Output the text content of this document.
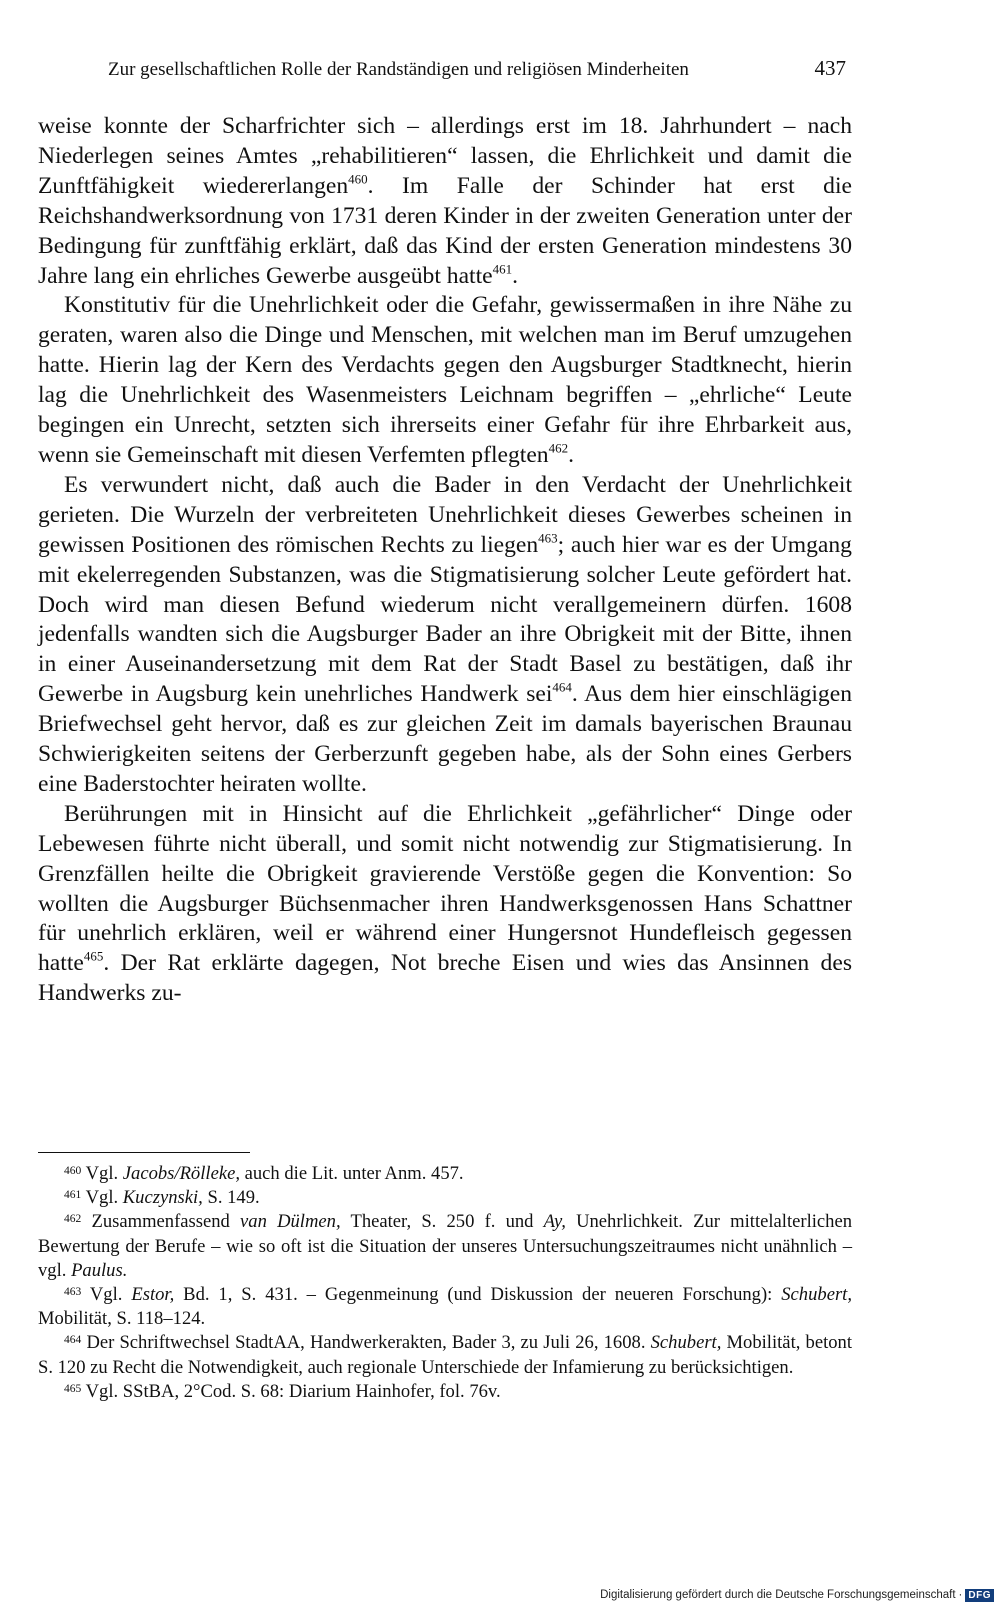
Zur gesellschaftlichen Rolle der Randständigen und religiösen Minderheiten	437

weise konnte der Scharfrichter sich – allerdings erst im 18. Jahrhundert – nach Niederlegen seines Amtes „rehabilitieren“ lassen, die Ehrlichkeit und damit die Zunftfähigkeit wiedererlangen$^{460}$. Im Falle der Schinder hat erst die Reichshandwerksordnung von 1731 deren Kinder in der zweiten Generation unter der Bedingung für zunftfähig erklärt, daß das Kind der ersten Generation mindestens 30 Jahre lang ein ehrliches Gewerbe ausgeübt hatte$^{461}$.

Konstitutiv für die Unehrlichkeit oder die Gefahr, gewissermaßen in ihre Nähe zu geraten, waren also die Dinge und Menschen, mit welchen man im Beruf umzugehen hatte. Hierin lag der Kern des Verdachts gegen den Augsburger Stadtknecht, hierin lag die Unehrlichkeit des Wasenmeisters Leichnam begriffen – „ehrliche“ Leute begingen ein Unrecht, setzten sich ihrerseits einer Gefahr für ihre Ehrbarkeit aus, wenn sie Gemeinschaft mit diesen Verfemten pflegten$^{462}$.

Es verwundert nicht, daß auch die Bader in den Verdacht der Unehrlichkeit gerieten. Die Wurzeln der verbreiteten Unehrlichkeit dieses Gewerbes scheinen in gewissen Positionen des römischen Rechts zu liegen$^{463}$; auch hier war es der Umgang mit ekelerregenden Substanzen, was die Stigmatisierung solcher Leute gefördert hat. Doch wird man diesen Befund wiederum nicht verallgemeinern dürfen. 1608 jedenfalls wandten sich die Augsburger Bader an ihre Obrigkeit mit der Bitte, ihnen in einer Auseinandersetzung mit dem Rat der Stadt Basel zu bestätigen, daß ihr Gewerbe in Augsburg kein unehrliches Handwerk sei$^{464}$. Aus dem hier einschlägigen Briefwechsel geht hervor, daß es zur gleichen Zeit im damals bayerischen Braunau Schwierigkeiten seitens der Gerberzunft gegeben habe, als der Sohn eines Gerbers eine Baderstochter heiraten wollte.

Berührungen mit in Hinsicht auf die Ehrlichkeit „gefährlicher“ Dinge oder Lebewesen führte nicht überall, und somit nicht notwendig zur Stigmatisierung. In Grenzfällen heilte die Obrigkeit gravierende Verstöße gegen die Konvention: So wollten die Augsburger Büchsenmacher ihren Handwerksgenossen Hans Schattner für unehrlich erklären, weil er während einer Hungersnot Hundefleisch gegessen hatte$^{465}$. Der Rat erklärte dagegen, Not breche Eisen und wies das Ansinnen des Handwerks zu-

$^{460}$ Vgl. Jacobs/Rölleke, auch die Lit. unter Anm. 457.

$^{461}$ Vgl. Kuczynski, S. 149.

$^{462}$ Zusammenfassend van Dülmen, Theater, S. 250 f. und Ay, Unehrlichkeit. Zur mittelalterlichen Bewertung der Berufe – wie so oft ist die Situation der unseres Untersuchungszeitraumes nicht unähnlich – vgl. Paulus.

$^{463}$ Vgl. Estor, Bd. 1, S. 431. – Gegenmeinung (und Diskussion der neueren Forschung): Schubert, Mobilität, S. 118–124.

$^{464}$ Der Schriftwechsel StadtAA, Handwerkerakten, Bader 3, zu Juli 26, 1608. Schubert, Mobilität, betont S. 120 zu Recht die Notwendigkeit, auch regionale Unterschiede der Infamierung zu berücksichtigen.

$^{465}$ Vgl. SStBA, 2°Cod. S. 68: Diarium Hainhofer, fol. 76v.

Digitalisierung gefördert durch die Deutsche Forschungsgemeinschaft · DFG
